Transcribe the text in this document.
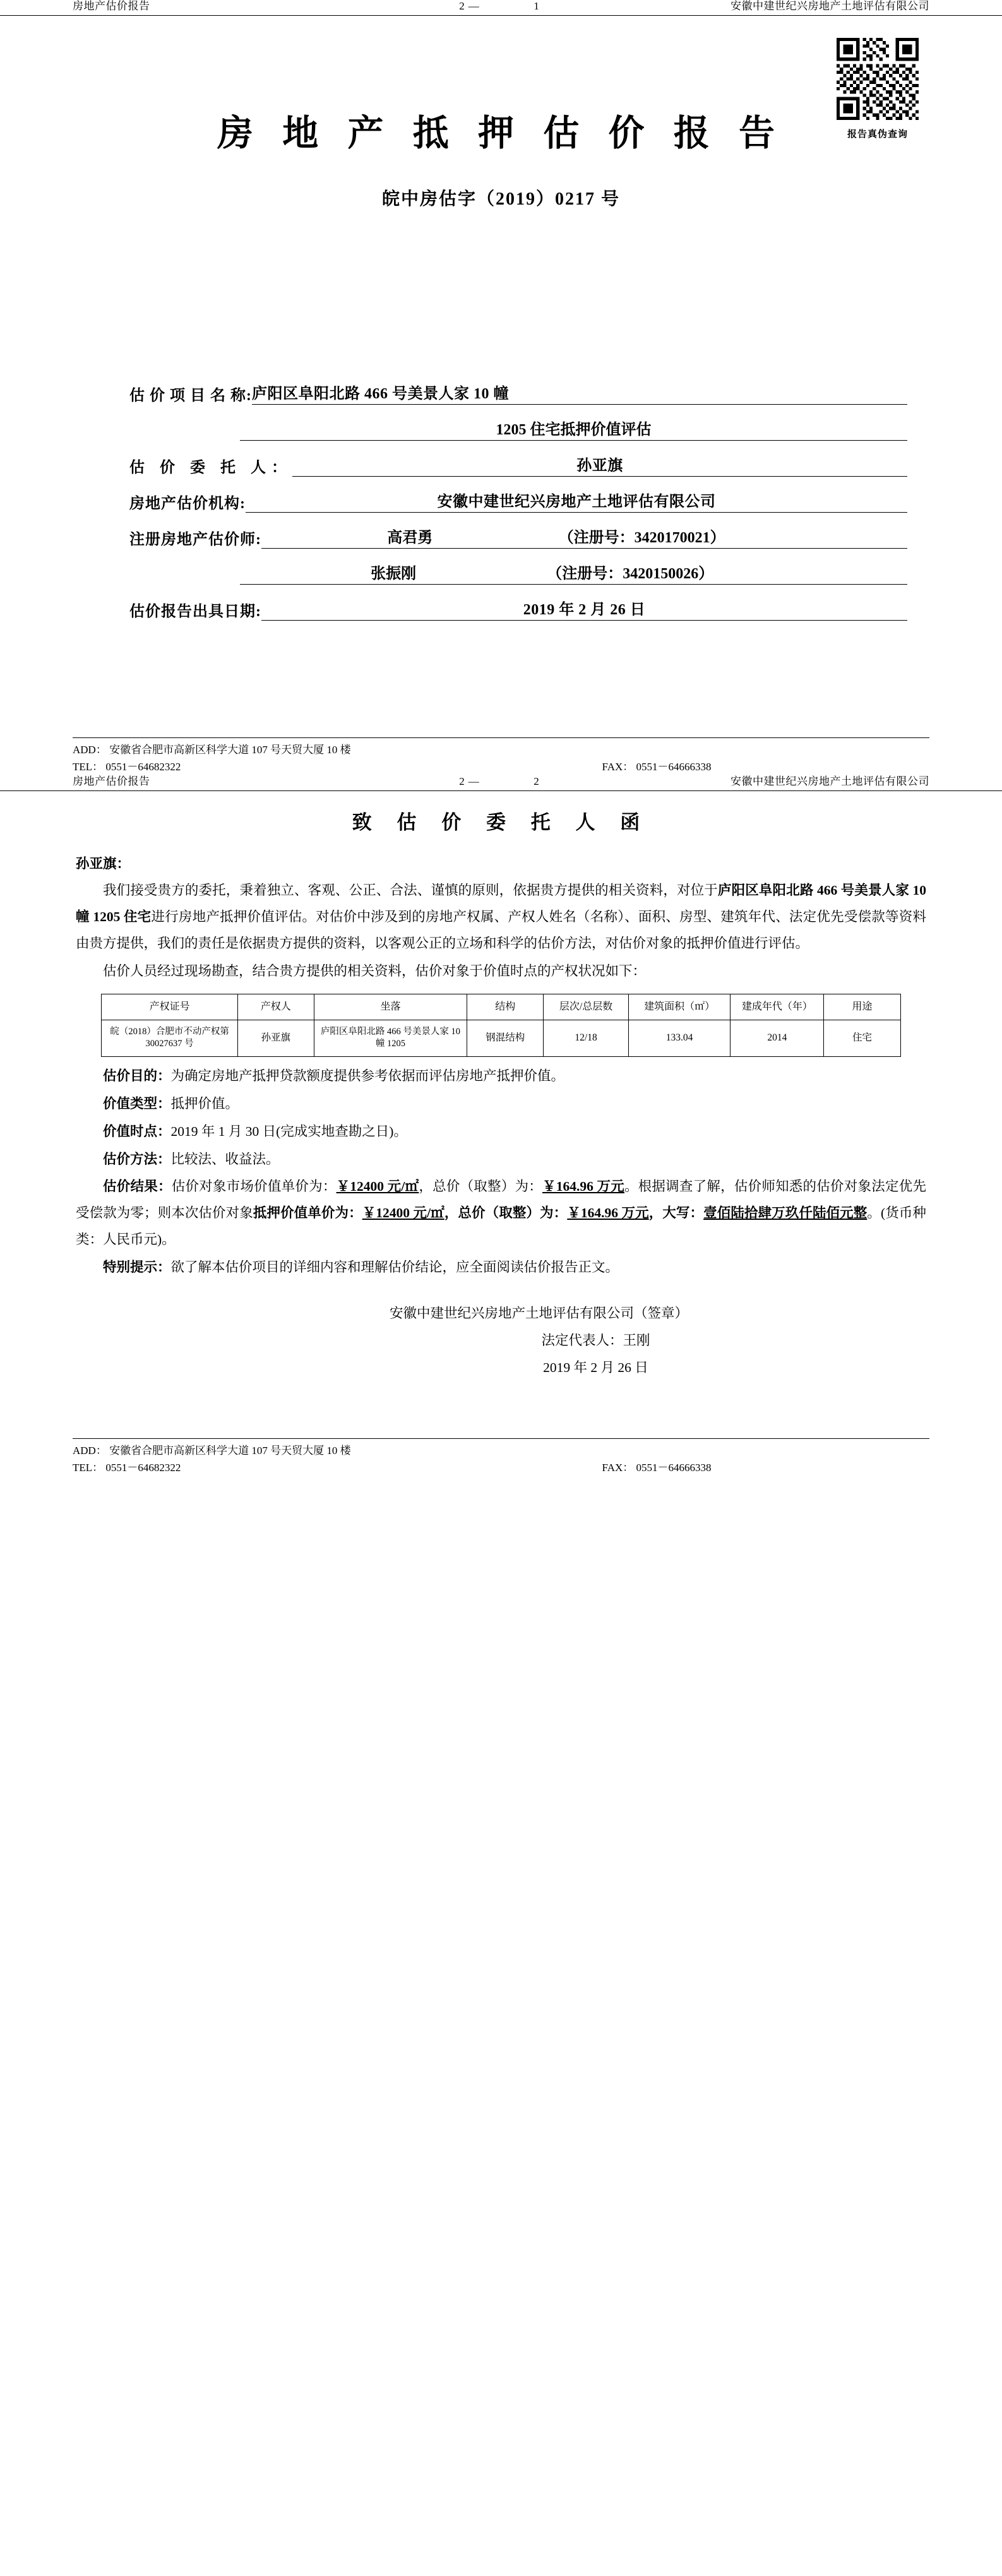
房地产估价报告	2—	1	安徽中建世纪兴房地产土地评估有限公司
报告真伪查询
房 地 产 抵 押 估 价 报 告
皖中房估字（2019）0217 号
估 价 项 目 名 称: 庐阳区阜阳北路 466 号美景人家 10 幢
1205 住宅抵押价值评估
估 价 委 托 人：	孙亚旗
房地产估价机构:	安徽中建世纪兴房地产土地评估有限公司
注册房地产估价师:	高君勇	（注册号：3420170021）
张振刚	（注册号：3420150026）
估价报告出具日期:	2019 年 2 月 26 日
ADD： 安徽省合肥市高新区科学大道 107 号天贸大厦 10 楼
TEL： 0551－64682322	FAX： 0551－64666338
房地产估价报告	2—	2	安徽中建世纪兴房地产土地评估有限公司
致 估 价 委 托 人 函
孙亚旗：

我们接受贵方的委托，秉着独立、客观、公正、合法、谨慎的原则，依据贵方提供的相关资料，对位于庐阳区阜阳北路 466 号美景人家 10 幢 1205 住宅进行房地产抵押价值评估。对估价中涉及到的房地产权属、产权人姓名（名称）、面积、房型、建筑年代、法定优先受偿款等资料由贵方提供，我们的责任是依据贵方提供的资料，以客观公正的立场和科学的估价方法，对估价对象的抵押价值进行评估。

估价人员经过现场勘查，结合贵方提供的相关资料，估价对象于价值时点的产权状况如下：

产权证号	产权人	坐落	结构	层次/总层数	建筑面积（㎡）	建成年代（年）	用途
皖（2018）合肥市不动产权第30027637 号	孙亚旗	庐阳区阜阳北路 466 号美景人家 10 幢 1205	钢混结构	12/18	133.04	2014	住宅

估价目的：为确定房地产抵押贷款额度提供参考依据而评估房地产抵押价值。

价值类型：抵押价值。

价值时点：2019 年 1 月 30 日(完成实地查勘之日)。

估价方法：比较法、收益法。

估价结果：估价对象市场价值单价为：￥12400 元/㎡，总价（取整）为：￥164.96 万元。根据调查了解，估价师知悉的估价对象法定优先受偿款为零；则本次估价对象抵押价值单价为：￥12400 元/㎡，总价（取整）为：￥164.96 万元，大写：壹佰陆拾肆万玖仟陆佰元整。(货币种类：人民币元)。

特别提示：欲了解本估价项目的详细内容和理解估价结论，应全面阅读估价报告正文。

安徽中建世纪兴房地产土地评估有限公司（签章）
法定代表人：王刚
2019 年 2 月 26 日
ADD： 安徽省合肥市高新区科学大道 107 号天贸大厦 10 楼
TEL： 0551－64682322	FAX： 0551－64666338
